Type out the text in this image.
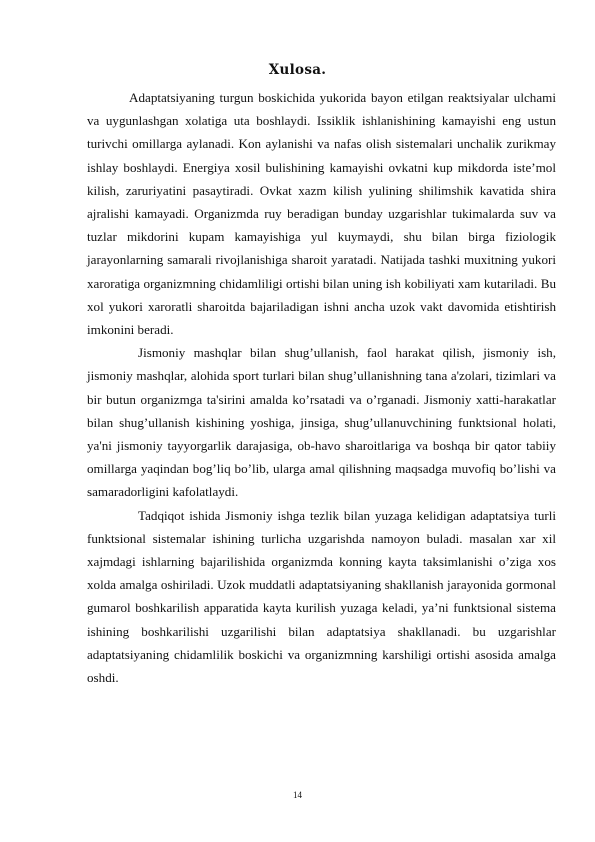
Xulosa.

Adaptatsiyaning turgun boskichida yukorida bayon etilgan reaktsiyalar ulchami va uygunlashgan xolatiga uta boshlaydi. Issiklik ishlanishining kamayishi eng ustun turivchi omillarga aylanadi. Kon aylanishi va nafas olish sistemalari unchalik zurikmay ishlay boshlaydi. Energiya xosil bulishining kamayishi ovkatni kup mikdorda iste’mol kilish, zaruriyatini pasaytiradi. Ovkat xazm kilish yulining shilimshik kavatida shira ajralishi kamayadi. Organizmda ruy beradigan bunday uzgarishlar tukimalarda suv va tuzlar mikdorini kupam kamayishiga yul kuymaydi, shu bilan birga fiziologik jarayonlarning samarali rivojlanishiga sharoit yaratadi. Natijada tashki muxitning yukori xaroratiga organizmning chidamliligi ortishi bilan uning ish kobiliyati xam kutariladi. Bu xol yukori xaroratli sharoitda bajariladigan ishni ancha uzok vakt davomida etishtirish imkonini beradi.

Jismoniy mashqlar bilan shug’ullanish, faol harakat qilish, jismoniy ish, jismoniy mashqlar, alohida sport turlari bilan shug’ullanishning tana a'zolari, tizimlari va bir butun organizmga ta'sirini amalda ko’rsatadi va o’rganadi. Jismoniy xatti-harakatlar bilan shug’ullanish kishining yoshiga, jinsiga, shug’ullanuvchining funktsional holati, ya'ni jismoniy tayyorgarlik darajasiga, ob-havo sharoitlariga va boshqa bir qator tabiiy omillarga yaqindan bog’liq bo’lib, ularga amal qilishning maqsadga muvofiq bo’lishi va samaradorligini kafolatlaydi.

Tadqiqot ishida Jismoniy ishga tezlik bilan yuzaga kelidigan adaptatsiya turli funktsional sistemalar ishining turlicha uzgarishda namoyon buladi. masalan xar xil xajmdagi ishlarning bajarilishida organizmda konning kayta taksimlanishi o’ziga xos xolda amalga oshiriladi. Uzok muddatli adaptatsiyaning shakllanish jarayonida gormonal gumarol boshkarilish apparatida kayta kurilish yuzaga keladi, ya’ni funktsional sistema ishining boshkarilishi uzgarilishi bilan adaptatsiya shakllanadi. bu uzgarishlar adaptatsiyaning chidamlilik boskichi va organizmning karshiligi ortishi asosida amalga oshdi.

14
